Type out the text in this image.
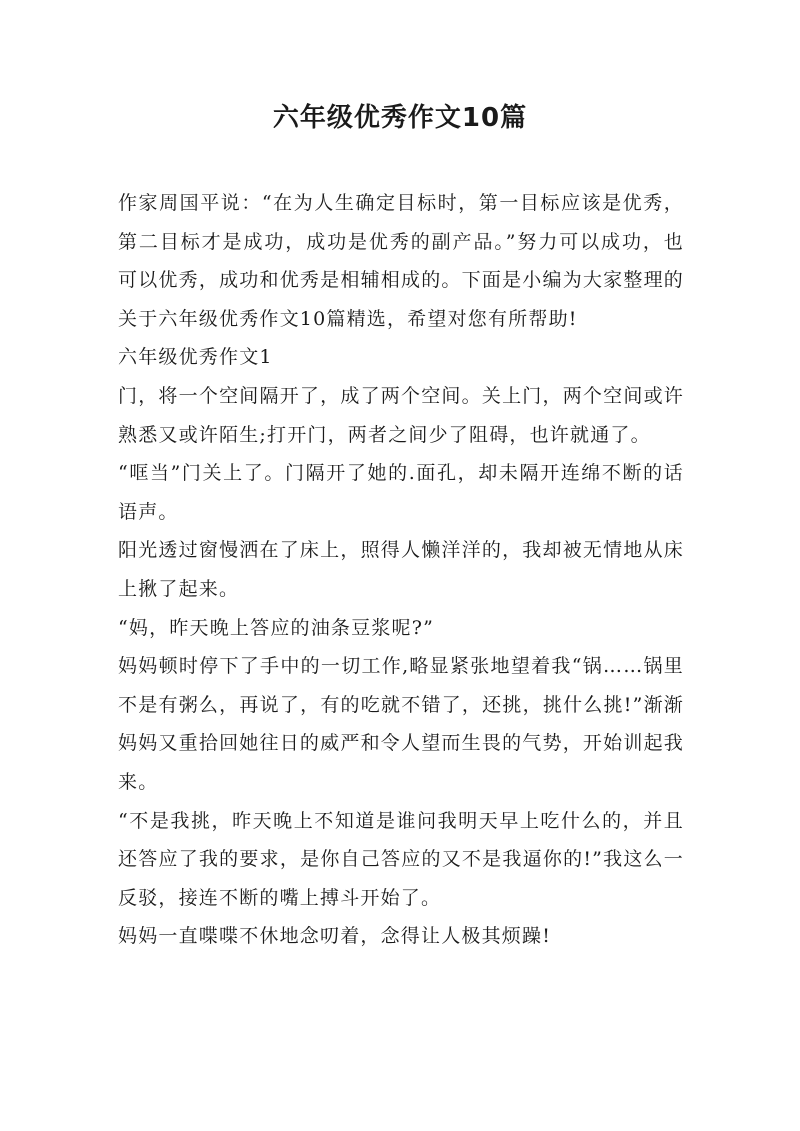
六年级优秀作文10篇

作家周国平说：“在为人生确定目标时，第一目标应该是优秀，第二目标才是成功，成功是优秀的副产品。”努力可以成功，也可以优秀，成功和优秀是相辅相成的。下面是小编为大家整理的关于六年级优秀作文10篇精选，希望对您有所帮助!

六年级优秀作文1

门，将一个空间隔开了，成了两个空间。关上门，两个空间或许熟悉又或许陌生;打开门，两者之间少了阻碍，也许就通了。

“哐当”门关上了。门隔开了她的.面孔，却未隔开连绵不断的话语声。

阳光透过窗慢洒在了床上，照得人懒洋洋的，我却被无情地从床上揪了起来。

“妈，昨天晚上答应的油条豆浆呢?”

妈妈顿时停下了手中的一切工作,略显紧张地望着我“锅……锅里不是有粥么，再说了，有的吃就不错了，还挑，挑什么挑!”渐渐妈妈又重拾回她往日的威严和令人望而生畏的气势，开始训起我来。

“不是我挑，昨天晚上不知道是谁问我明天早上吃什么的，并且还答应了我的要求，是你自己答应的又不是我逼你的!”我这么一反驳，接连不断的嘴上搏斗开始了。

妈妈一直喋喋不休地念叨着，念得让人极其烦躁!
